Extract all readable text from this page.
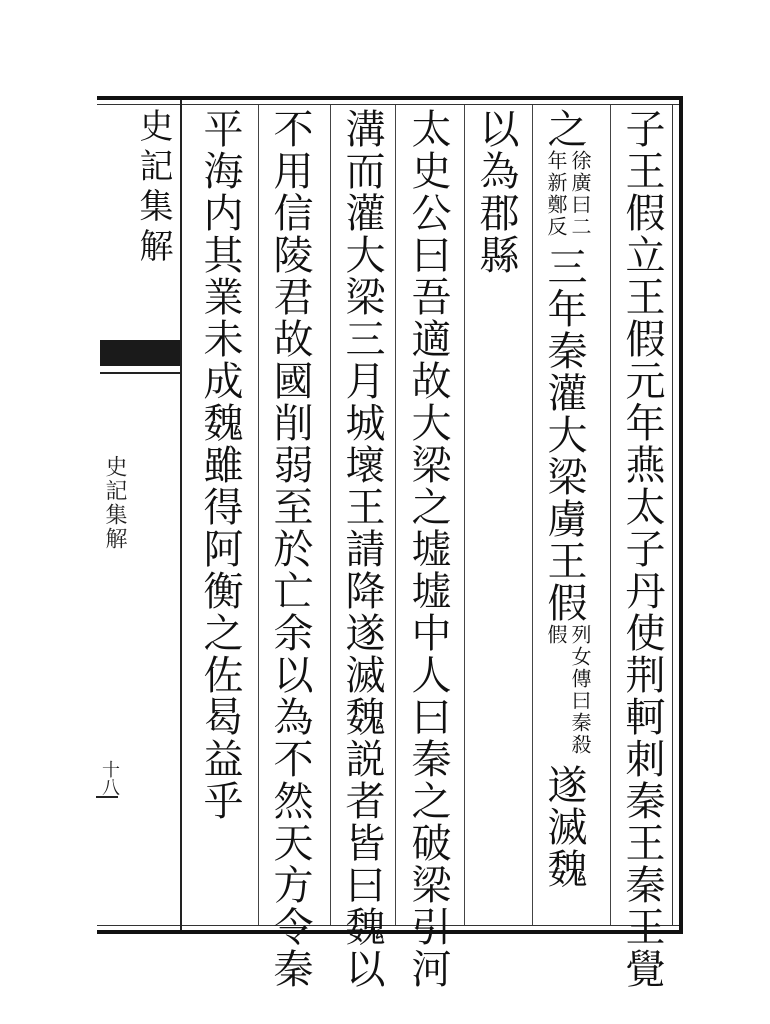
子王假立王假元年燕太子丹使荆軻刺秦王秦王覺
之徐廣曰二年新鄭反三年秦灌大梁虜王假列女傳曰秦殺假遂滅魏
以為郡縣
太史公曰吾適故大梁之墟墟中人曰秦之破梁引河
溝而灌大梁三月城壞王請降遂滅魏説者皆曰魏以
不用信陵君故國削弱至於亡余以為不然天方令秦
平海内其業未成魏雖得阿衡之佐曷益乎
史記集解
史記集解
十八
